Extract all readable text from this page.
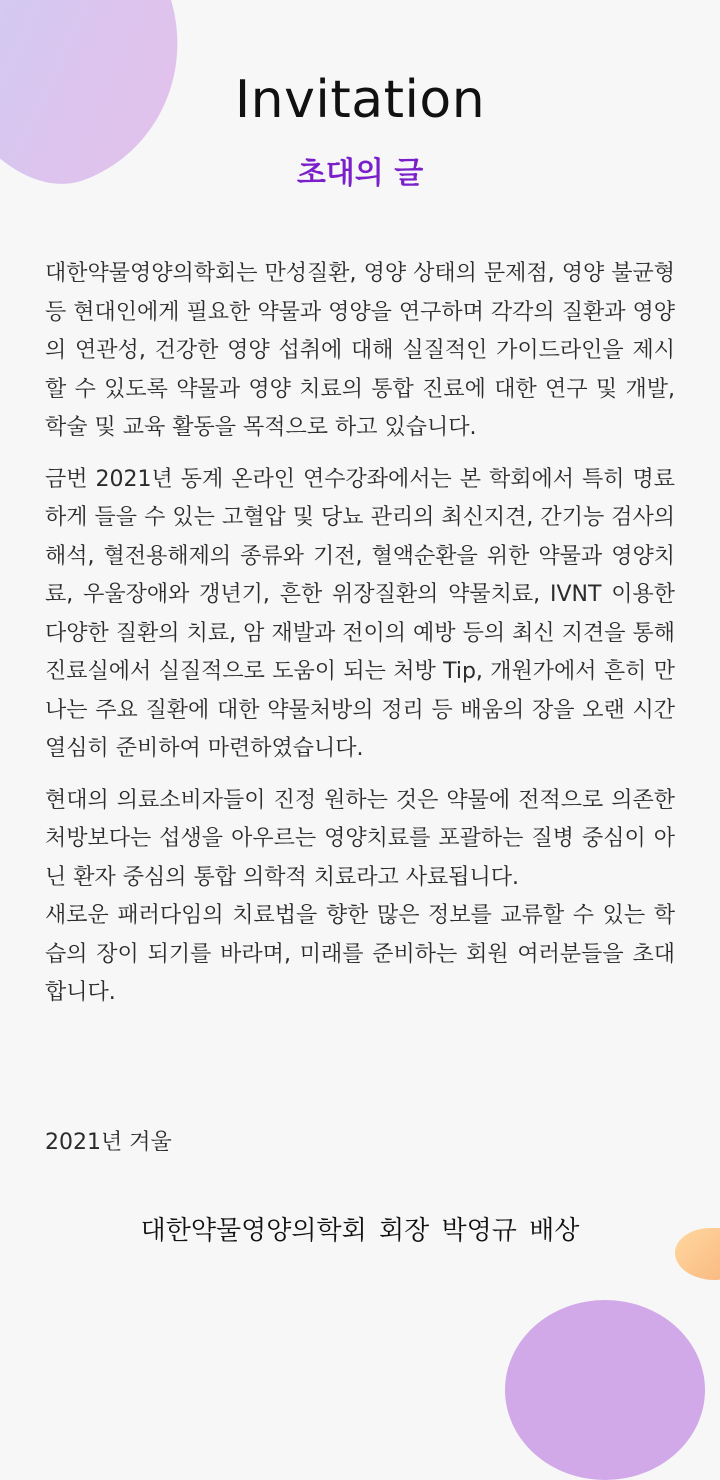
Invitation
초대의 글

대한약물영양의학회는 만성질환, 영양 상태의 문제점, 영양 불균형 등 현대인에게 필요한 약물과 영양을 연구하며 각각의 질환과 영양의 연관성, 건강한 영양 섭취에 대해 실질적인 가이드라인을 제시할 수 있도록 약물과 영양 치료의 통합 진료에 대한 연구 및 개발, 학술 및 교육 활동을 목적으로 하고 있습니다.

금번 2021년 동계 온라인 연수강좌에서는 본 학회에서 특히 명료하게 들을 수 있는 고혈압 및 당뇨 관리의 최신지견, 간기능 검사의 해석, 혈전용해제의 종류와 기전, 혈액순환을 위한 약물과 영양치료, 우울장애와 갱년기, 흔한 위장질환의 약물치료, IVNT 이용한 다양한 질환의 치료, 암 재발과 전이의 예방 등의 최신 지견을 통해 진료실에서 실질적으로 도움이 되는 처방 Tip, 개원가에서 흔히 만나는 주요 질환에 대한 약물처방의 정리 등 배움의 장을 오랜 시간 열심히 준비하여 마련하였습니다.

현대의 의료소비자들이 진정 원하는 것은 약물에 전적으로 의존한 처방보다는 섭생을 아우르는 영양치료를 포괄하는 질병 중심이 아닌 환자 중심의 통합 의학적 치료라고 사료됩니다.

새로운 패러다임의 치료법을 향한 많은 정보를 교류할 수 있는 학습의 장이 되기를 바라며, 미래를 준비하는 회원 여러분들을 초대합니다.

2021년 겨울

대한약물영양의학회 회장 박영규 배상
